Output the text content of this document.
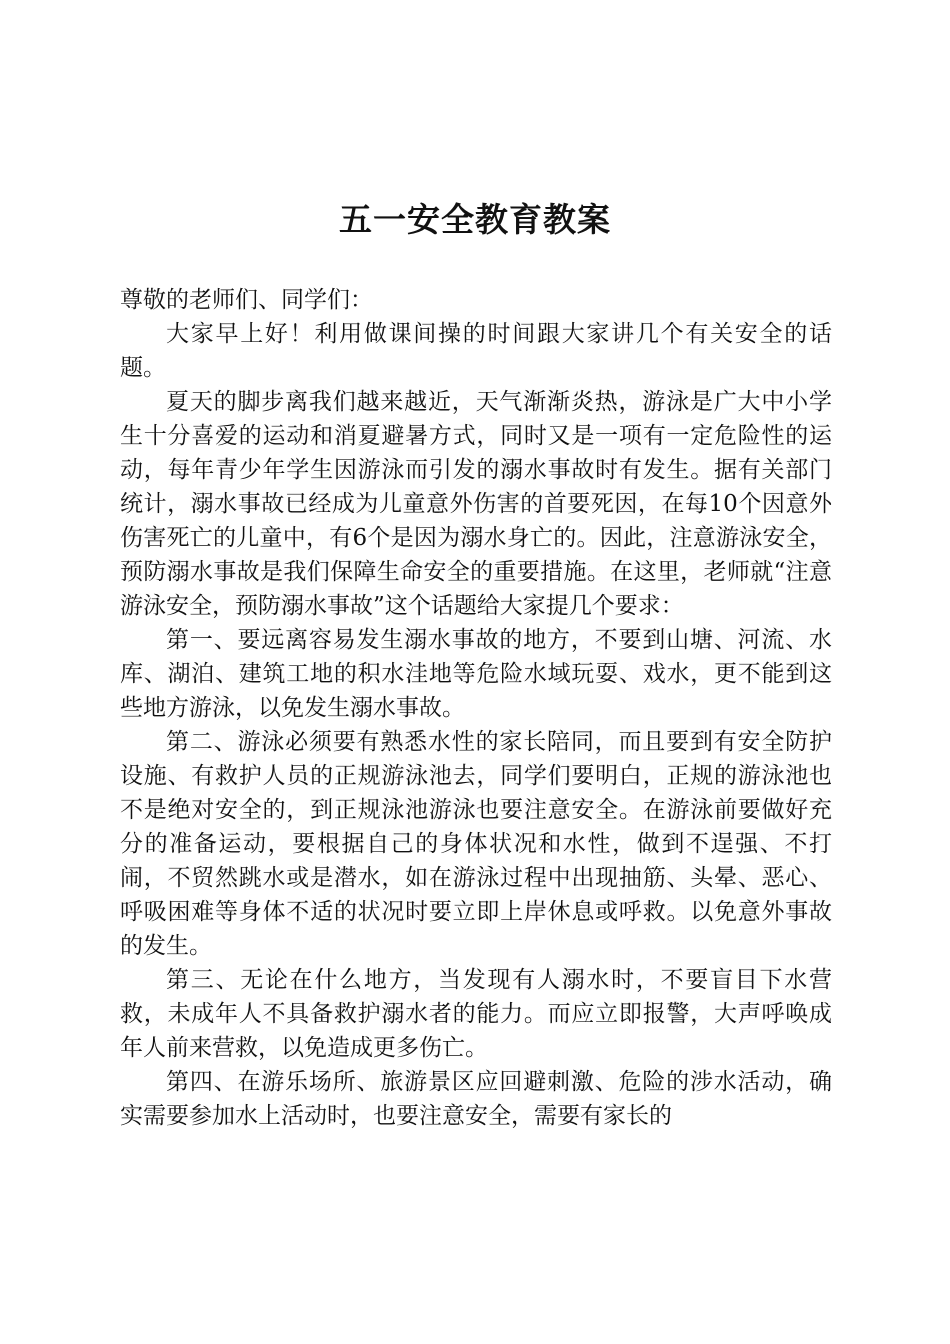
五一安全教育教案

尊敬的老师们、同学们：

大家早上好！利用做课间操的时间跟大家讲几个有关安全的话题。

夏天的脚步离我们越来越近，天气渐渐炎热，游泳是广大中小学生十分喜爱的运动和消夏避暑方式，同时又是一项有一定危险性的运动，每年青少年学生因游泳而引发的溺水事故时有发生。据有关部门统计，溺水事故已经成为儿童意外伤害的首要死因，在每10个因意外伤害死亡的儿童中，有6个是因为溺水身亡的。因此，注意游泳安全，预防溺水事故是我们保障生命安全的重要措施。在这里，老师就“注意游泳安全，预防溺水事故”这个话题给大家提几个要求：

第一、要远离容易发生溺水事故的地方，不要到山塘、河流、水库、湖泊、建筑工地的积水洼地等危险水域玩耍、戏水，更不能到这些地方游泳，以免发生溺水事故。

第二、游泳必须要有熟悉水性的家长陪同，而且要到有安全防护设施、有救护人员的正规游泳池去，同学们要明白，正规的游泳池也不是绝对安全的，到正规泳池游泳也要注意安全。在游泳前要做好充分的准备运动，要根据自己的身体状况和水性，做到不逞强、不打闹，不贸然跳水或是潜水，如在游泳过程中出现抽筋、头晕、恶心、呼吸困难等身体不适的状况时要立即上岸休息或呼救。以免意外事故的发生。

第三、无论在什么地方，当发现有人溺水时，不要盲目下水营救，未成年人不具备救护溺水者的能力。而应立即报警，大声呼唤成年人前来营救，以免造成更多伤亡。

第四、在游乐场所、旅游景区应回避刺激、危险的涉水活动，确实需要参加水上活动时，也要注意安全，需要有家长的
